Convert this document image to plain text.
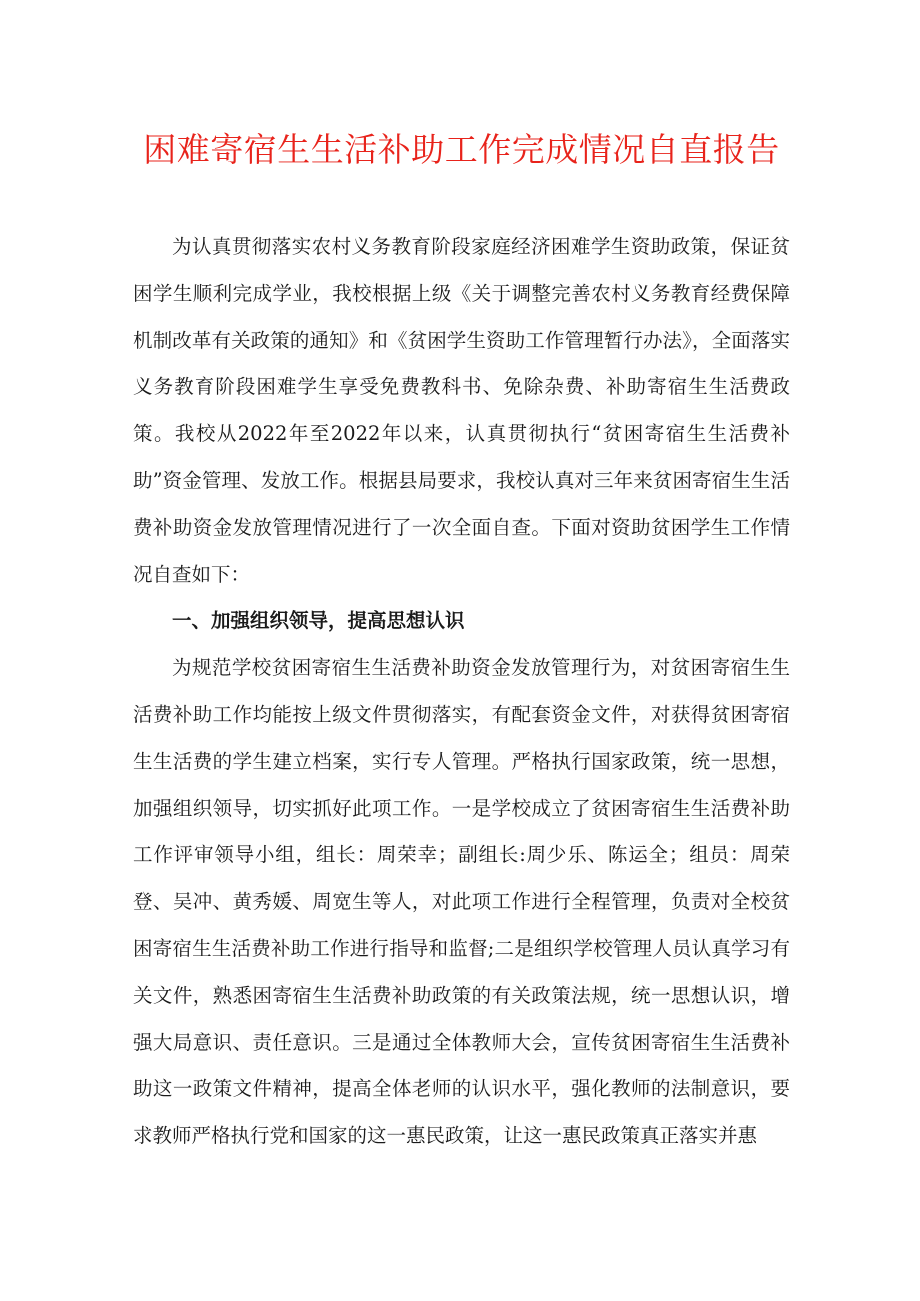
困难寄宿生生活补助工作完成情况自直报告

为认真贯彻落实农村义务教育阶段家庭经济困难学生资助政策，保证贫困学生顺利完成学业，我校根据上级《关于调整完善农村义务教育经费保障机制改革有关政策的通知》和《贫困学生资助工作管理暂行办法》，全面落实义务教育阶段困难学生享受免费教科书、免除杂费、补助寄宿生生活费政策。我校从2022年至2022年以来，认真贯彻执行“贫困寄宿生生活费补助”资金管理、发放工作。根据县局要求，我校认真对三年来贫困寄宿生生活费补助资金发放管理情况进行了一次全面自查。下面对资助贫困学生工作情况自查如下：

一、加强组织领导，提高思想认识

为规范学校贫困寄宿生生活费补助资金发放管理行为，对贫困寄宿生生活费补助工作均能按上级文件贯彻落实，有配套资金文件，对获得贫困寄宿生生活费的学生建立档案，实行专人管理。严格执行国家政策，统一思想，加强组织领导，切实抓好此项工作。一是学校成立了贫困寄宿生生活费补助工作评审领导小组，组长：周荣幸；副组长:周少乐、陈运全；组员：周荣登、吴冲、黄秀媛、周宽生等人，对此项工作进行全程管理，负责对全校贫困寄宿生生活费补助工作进行指导和监督;二是组织学校管理人员认真学习有关文件，熟悉困寄宿生生活费补助政策的有关政策法规，统一思想认识，增强大局意识、责任意识。三是通过全体教师大会，宣传贫困寄宿生生活费补助这一政策文件精神，提高全体老师的认识水平，强化教师的法制意识，要求教师严格执行党和国家的这一惠民政策，让这一惠民政策真正落实并惠
